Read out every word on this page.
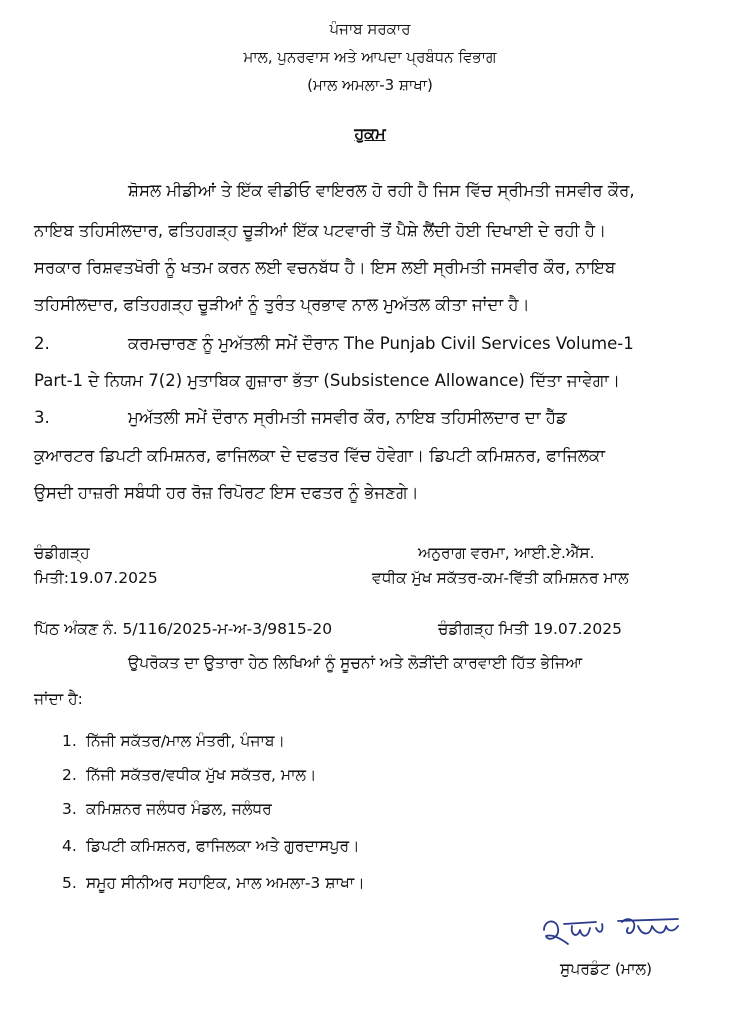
ਪੰਜਾਬ ਸਰਕਾਰ
ਮਾਲ, ਪੁਨਰਵਾਸ ਅਤੇ ਆਪਦਾ ਪ੍ਰਬੰਧਨ ਵਿਭਾਗ
(ਮਾਲ ਅਮਲਾ-3 ਸ਼ਾਖਾ)
ਹੁਕਮ
ਸ਼ੋਸਲ ਮੀਡੀਆਂ ਤੇ ਇੱਕ ਵੀਡੀਓ ਵਾਇਰਲ ਹੋ ਰਹੀ ਹੈ ਜਿਸ ਵਿੱਚ ਸ੍ਰੀਮਤੀ ਜਸਵੀਰ ਕੌਰ,
ਨਾਇਬ ਤਹਿਸੀਲਦਾਰ, ਫਤਿਹਗੜ੍ਹ ਚੂੜੀਆਂ ਇੱਕ ਪਟਵਾਰੀ ਤੋਂ ਪੈਸ਼ੇ ਲੈਂਦੀ ਹੋਈ ਦਿਖਾਈ ਦੇ ਰਹੀ ਹੈ।
ਸਰਕਾਰ ਰਿਸ਼ਵਤਖੋਰੀ ਨੂੰ ਖਤਮ ਕਰਨ ਲਈ ਵਚਨਬੱਧ ਹੈ। ਇਸ ਲਈ ਸ੍ਰੀਮਤੀ ਜਸਵੀਰ ਕੌਰ, ਨਾਇਬ
ਤਹਿਸੀਲਦਾਰ, ਫਤਿਹਗੜ੍ਹ ਚੂੜੀਆਂ ਨੂੰ ਤੁਰੰਤ ਪ੍ਰਭਾਵ ਨਾਲ ਮੁਅੱਤਲ ਕੀਤਾ ਜਾਂਦਾ ਹੈ।
2.	ਕਰਮਚਾਰਣ ਨੂੰ ਮੁਅੱਤਲੀ ਸਮੇਂ ਦੌਰਾਨ The Punjab Civil Services Volume-1
Part-1 ਦੇ ਨਿਯਮ 7(2) ਮੁਤਾਬਿਕ ਗੁਜ਼ਾਰਾ ਭੱਤਾ (Subsistence Allowance) ਦਿੱਤਾ ਜਾਵੇਗਾ।
3.	ਮੁਅੱਤਲੀ ਸਮੇਂ ਦੌਰਾਨ ਸ੍ਰੀਮਤੀ ਜਸਵੀਰ ਕੌਰ, ਨਾਇਬ ਤਹਿਸੀਲਦਾਰ ਦਾ ਹੈੱਡ
ਕੁਆਰਟਰ ਡਿਪਟੀ ਕਮਿਸ਼ਨਰ, ਫਾਜਿਲਕਾ ਦੇ ਦਫਤਰ ਵਿੱਚ ਹੋਵੇਗਾ। ਡਿਪਟੀ ਕਮਿਸ਼ਨਰ, ਫਾਜਿਲਕਾ
ਉਸਦੀ ਹਾਜ਼ਰੀ ਸਬੰਧੀ ਹਰ ਰੋਜ਼ ਰਿਪੋਰਟ ਇਸ ਦਫਤਰ ਨੂੰ ਭੇਜਣਗੇ।
ਚੰਡੀਗੜ੍ਹ
ਮਿਤੀ:19.07.2025
ਅਨੁਰਾਗ ਵਰਮਾ, ਆਈ.ਏ.ਐੱਸ.
ਵਧੀਕ ਮੁੱਖ ਸਕੱਤਰ-ਕਮ-ਵਿੱਤੀ ਕਮਿਸ਼ਨਰ ਮਾਲ
ਪਿੱਠ ਅੰਕਣ ਨੰ. 5/116/2025-ਮ-ਅ-3/9815-20	ਚੰਡੀਗੜ੍ਹ ਮਿਤੀ 19.07.2025
ਉਪਰੋਕਤ ਦਾ ਉਤਾਰਾ ਹੇਠ ਲਿਖਿਆਂ ਨੂੰ ਸੂਚਨਾਂ ਅਤੇ ਲੋੜੀਂਦੀ ਕਾਰਵਾਈ ਹਿੱਤ ਭੇਜਿਆ
ਜਾਂਦਾ ਹੈ:
1. ਨਿੱਜੀ ਸਕੱਤਰ/ਮਾਲ ਮੰਤਰੀ, ਪੰਜਾਬ।
2. ਨਿੱਜੀ ਸਕੱਤਰ/ਵਧੀਕ ਮੁੱਖ ਸਕੱਤਰ, ਮਾਲ।
3. ਕਮਿਸ਼ਨਰ ਜਲੰਧਰ ਮੰਡਲ, ਜਲੰਧਰ
4. ਡਿਪਟੀ ਕਮਿਸ਼ਨਰ, ਫਾਜਿਲਕਾ ਅਤੇ ਗੁਰਦਾਸਪੁਰ।
5. ਸਮੂਹ ਸੀਨੀਅਰ ਸਹਾਇਕ, ਮਾਲ ਅਮਲਾ-3 ਸ਼ਾਖਾ।
ਸੁਪਰਡੰਟ (ਮਾਲ)
